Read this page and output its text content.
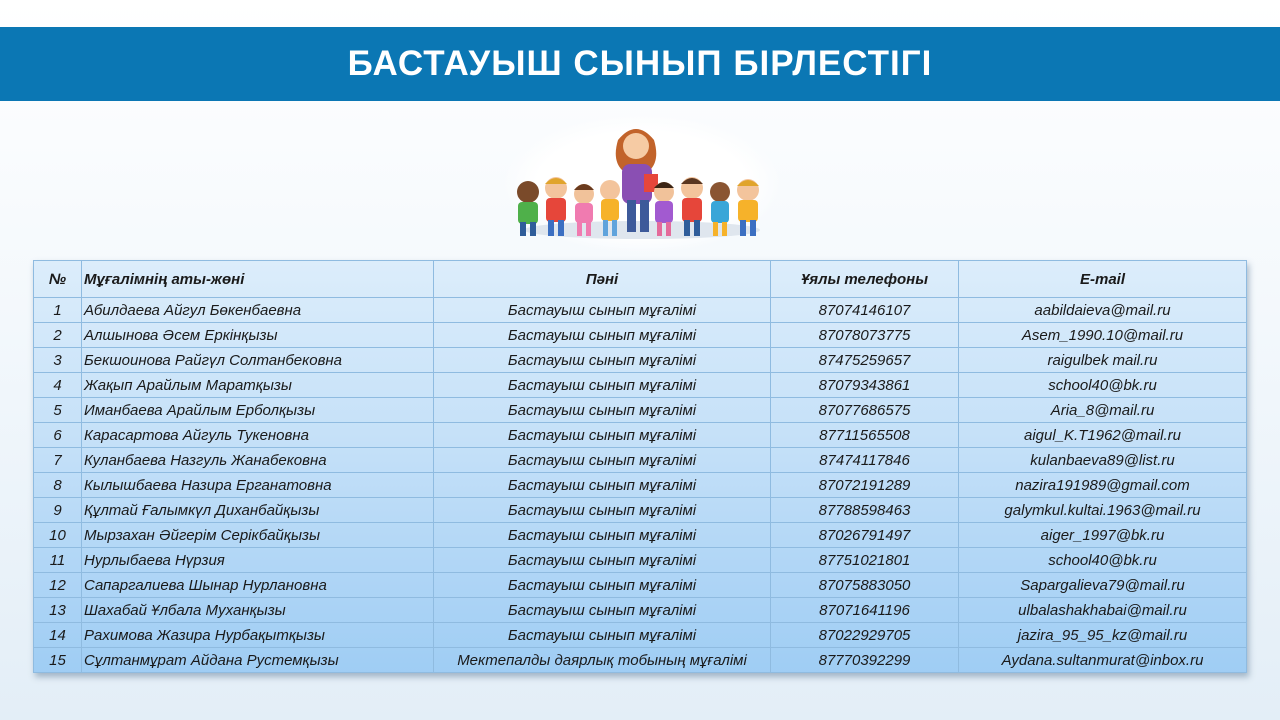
БАСТАУЫШ СЫНЫП БІРЛЕСТІГІ
№	Мұғалімнің аты-жөні	Пәні	Ұялы телефоны	E-mail
1	Абилдаева Айгул Бөкенбаевна	Бастауыш сынып мұғалімі	87074146107	aabildaieva@mail.ru
2	Алшынова Әсем Еркінқызы	Бастауыш сынып мұғалімі	87078073775	Asem_1990.10@mail.ru
3	Бекшоинова Райгүл Солтанбековна	Бастауыш сынып мұғалімі	87475259657	raigulbek mail.ru
4	Жақып Арайлым Маратқызы	Бастауыш сынып мұғалімі	87079343861	school40@bk.ru
5	Иманбаева Арайлым Ерболқызы	Бастауыш сынып мұғалімі	87077686575	Aria_8@mail.ru
6	Карасартова Айгуль Тукеновна	Бастауыш сынып мұғалімі	87711565508	aigul_K.T1962@mail.ru
7	Куланбаева Назгуль Жанабековна	Бастауыш сынып мұғалімі	87474117846	kulanbaeva89@list.ru
8	Кылышбаева Назира Ерганатовна	Бастауыш сынып мұғалімі	87072191289	nazira191989@gmail.com
9	Құлтай Ғалымкүл Диханбайқызы	Бастауыш сынып мұғалімі	87788598463	galymkul.kultai.1963@mail.ru
10	Мырзахан Әйгерім Серікбайқызы	Бастауыш сынып мұғалімі	87026791497	aiger_1997@bk.ru
11	Нурлыбаева Нүрзия	Бастауыш сынып мұғалімі	87751021801	school40@bk.ru
12	Сапаргалиева Шынар Нурлановна	Бастауыш сынып мұғалімі	87075883050	Sapargalieva79@mail.ru
13	Шахабай Ұлбала Муханқызы	Бастауыш сынып мұғалімі	87071641196	ulbalashakhabai@mail.ru
14	Рахимова Жазира Нурбақытқызы	Бастауыш сынып мұғалімі	87022929705	jazira_95_95_kz@mail.ru
15	Сұлтанмұрат Айдана Рустемқызы	Мектепалды даярлық тобының мұғалімі	87770392299	Aydana.sultanmurat@inbox.ru
